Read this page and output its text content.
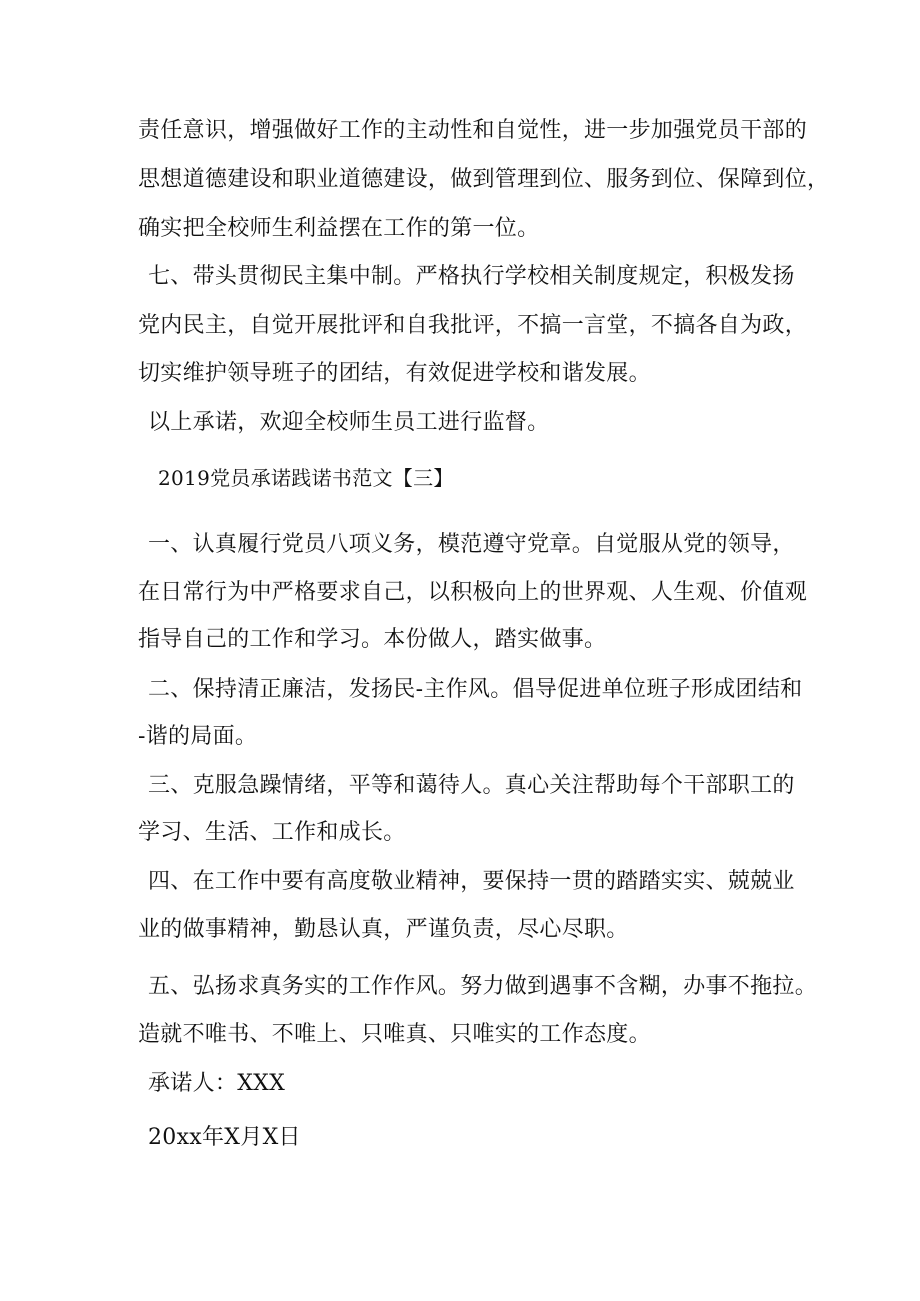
责任意识，增强做好工作的主动性和自觉性，进一步加强党员干部的
思想道德建设和职业道德建设，做到管理到位、服务到位、保障到位，
确实把全校师生利益摆在工作的第一位。
七、带头贯彻民主集中制。严格执行学校相关制度规定，积极发扬
党内民主，自觉开展批评和自我批评，不搞一言堂，不搞各自为政，
切实维护领导班子的团结，有效促进学校和谐发展。
以上承诺，欢迎全校师生员工进行监督。
2019党员承诺践诺书范文【三】
一、认真履行党员八项义务，模范遵守党章。自觉服从党的领导，
在日常行为中严格要求自己，以积极向上的世界观、人生观、价值观
指导自己的工作和学习。本份做人，踏实做事。
二、保持清正廉洁，发扬民-主作风。倡导促进单位班子形成团结和
-谐的局面。
三、克服急躁情绪，平等和蔼待人。真心关注帮助每个干部职工的
学习、生活、工作和成长。
四、在工作中要有高度敬业精神，要保持一贯的踏踏实实、兢兢业
业的做事精神，勤恳认真，严谨负责，尽心尽职。
五、弘扬求真务实的工作作风。努力做到遇事不含糊，办事不拖拉。
造就不唯书、不唯上、只唯真、只唯实的工作态度。
承诺人：XXX
20xx年X月X日
